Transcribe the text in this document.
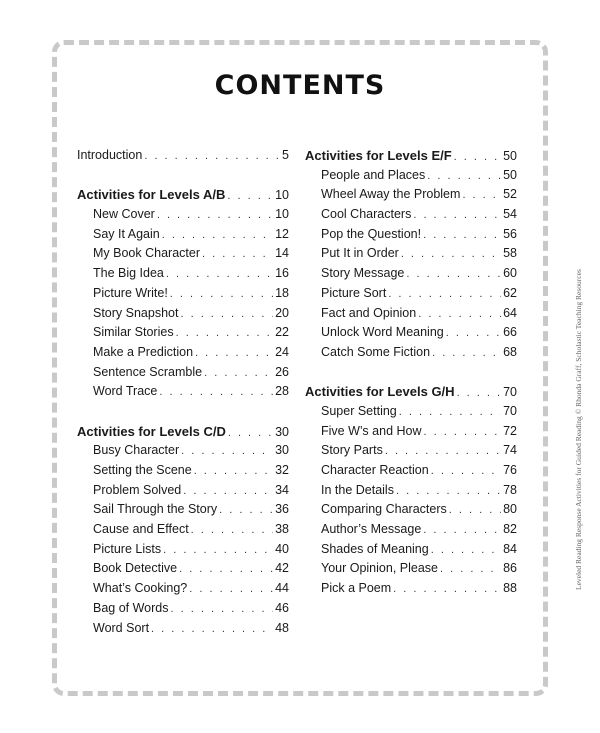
CONTENTS
Introduction . . .	5
Activities for Levels A/B . . .	10
New Cover . . .	10
Say It Again . . .	12
My Book Character . . .	14
The Big Idea . . .	16
Picture Write! . . .	18
Story Snapshot . . .	20
Similar Stories . . .	22
Make a Prediction . . .	24
Sentence Scramble . . .	26
Word Trace . . .	28
Activities for Levels C/D . . .	30
Busy Character . . .	30
Setting the Scene . . .	32
Problem Solved . . .	34
Sail Through the Story . . .	36
Cause and Effect . . .	38
Picture Lists . . .	40
Book Detective . . .	42
What’s Cooking? . . .	44
Bag of Words . . .	46
Word Sort . . .	48
Activities for Levels E/F . . .	50
People and Places . . .	50
Wheel Away the Problem . . .	52
Cool Characters . . .	54
Pop the Question! . . .	56
Put It in Order . . .	58
Story Message . . .	60
Picture Sort . . .	62
Fact and Opinion . . .	64
Unlock Word Meaning . . .	66
Catch Some Fiction . . .	68
Activities for Levels G/H . . .	70
Super Setting . . .	70
Five W’s and How . . .	72
Story Parts . . .	74
Character Reaction . . .	76
In the Details . . .	78
Comparing Characters . . .	80
Author’s Message . . .	82
Shades of Meaning . . .	84
Your Opinion, Please . . .	86
Pick a Poem . . .	88	Leveled Reading Response Activities for Guided Reading © Rhonda Graff, Scholastic Teaching Resources
